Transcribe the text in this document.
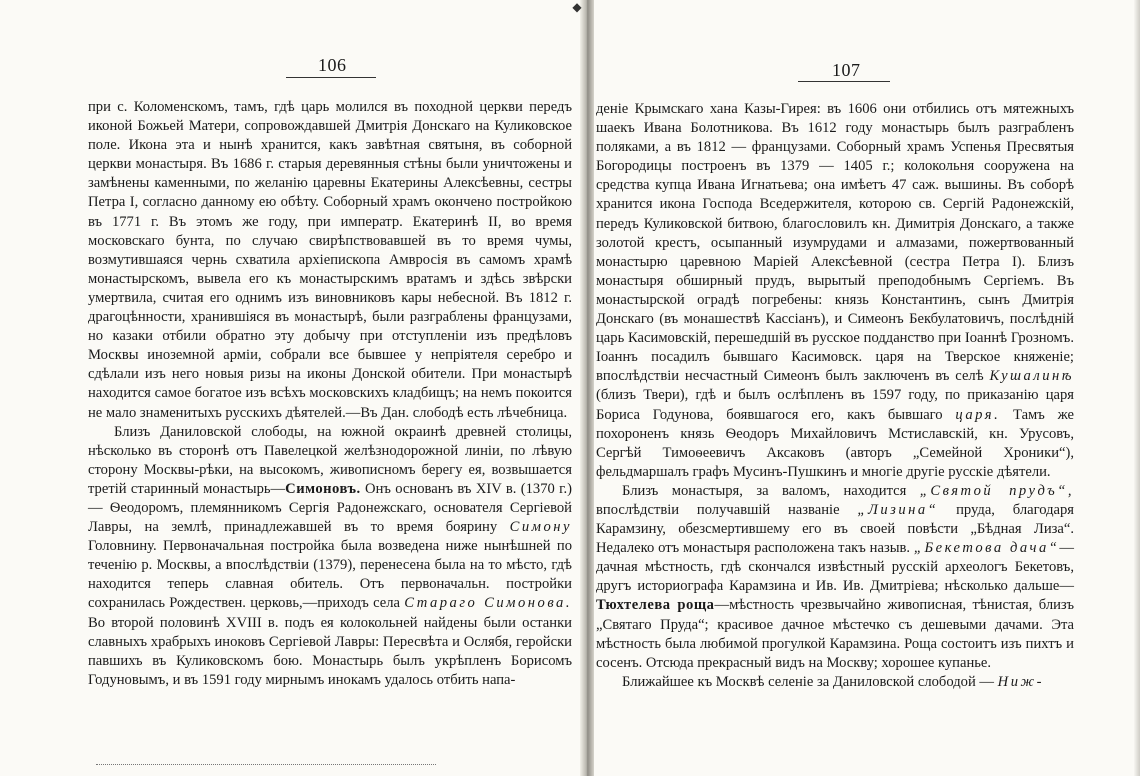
106

при с. Коломенскомъ, тамъ, гдѣ царь молился въ походной церкви передъ иконой Божьей Матери, сопровождавшей Дмитрія Донскаго на Куликовское поле. Икона эта и нынѣ хранится, какъ завѣтная святыня, въ соборной церкви монастыря. Въ 1686 г. старыя деревянныя стѣны были уничтожены и замѣнены каменными, по желанію царевны Екатерины Алексѣевны, сестры Петра I, согласно данному ею обѣту. Соборный храмъ окончено постройкою въ 1771 г. Въ этомъ же году, при императр. Екатеринѣ II, во время московскаго бунта, по случаю свирѣпствовавшей въ то время чумы, возмутившаяся чернь схватила архіепископа Амвросія въ самомъ храмѣ монастырскомъ, вывела его къ монастырскимъ вратамъ и здѣсь звѣрски умертвила, считая его однимъ изъ виновниковъ кары небесной. Въ 1812 г. драгоцѣнности, хранившіяся въ монастырѣ, были разграблены французами, но казаки отбили обратно эту добычу при отступленіи изъ предѣловъ Москвы иноземной арміи, собрали все бывшее у непріятеля серебро и сдѣлали изъ него новыя ризы на иконы Донской обители. При монастырѣ находится самое богатое изъ всѣхъ московскихъ кладбищъ; на немъ покоится не мало знаменитыхъ русскихъ дѣятелей.—Въ Дан. слободѣ есть лѣчебница.

Близъ Даниловской слободы, на южной окраинѣ древней столицы, нѣсколько въ сторонѣ отъ Павелецкой желѣзнодорожной линіи, по лѣвую сторону Москвы-рѣки, на высокомъ, живописномъ берегу ея, возвышается третій старинный монастырь—Симоновъ. Онъ основанъ въ XIV в. (1370 г.) — Ѳеодоромъ, племянникомъ Сергія Радонежскаго, основателя Сергіевой Лавры, на землѣ, принадлежавшей въ то время боярину Симону Головнину. Первоначальная постройка была возведена ниже нынѣшней по теченію р. Москвы, а впослѣдствіи (1379), перенесена была на то мѣсто, гдѣ находится теперь славная обитель. Отъ первоначальн. постройки сохранилась Рождествен. церковь,—приходъ села Стараго Симонова. Во второй половинѣ XVIII в. подъ ея колокольней найдены были останки славныхъ храбрыхъ иноковъ Сергіевой Лавры: Пересвѣта и Ослябя, геройски павшихъ въ Куликовскомъ бою. Монастырь былъ укрѣпленъ Борисомъ Годуновымъ, и въ 1591 году мирнымъ инокамъ удалось отбить напа-

◆
107

деніе Крымскаго хана Казы-Гирея: въ 1606 они отбились отъ мятежныхъ шаекъ Ивана Болотникова. Въ 1612 году монастырь былъ разграбленъ поляками, а въ 1812 — французами. Соборный храмъ Успенья Пресвятыя Богородицы построенъ въ 1379 — 1405 г.; колокольня сооружена на средства купца Ивана Игнатьева; она имѣетъ 47 саж. вышины. Въ соборѣ хранится икона Господа Вседержителя, которою св. Сергій Радонежскій, передъ Куликовской битвою, благословилъ кн. Димитрія Донскаго, а также золотой крестъ, осыпанный изумрудами и алмазами, пожертвованный монастырю царевною Маріей Алексѣевной (сестра Петра I). Близъ монастыря обширный прудъ, вырытый преподобнымъ Сергіемъ. Въ монастырской оградѣ погребены: князь Константинъ, сынъ Дмитрія Донскаго (въ монашествѣ Кассіанъ), и Симеонъ Бекбулатовичъ, послѣдній царь Касимовскій, перешедшій въ русское подданство при Іоаннѣ Грозномъ. Іоаннъ посадилъ бывшаго Касимовск. царя на Тверское княженіе; впослѣдствіи несчастный Симеонъ былъ заключенъ въ селѣ Кушалинѣ (близъ Твери), гдѣ и былъ ослѣпленъ въ 1597 году, по приказанію царя Бориса Годунова, боявшагося его, какъ бывшаго царя. Тамъ же похороненъ князь Ѳеодоръ Михайловичъ Мстиславскій, кн. Урусовъ, Сергѣй Тимоѳеевичъ Аксаковъ (авторъ „Семейной Хроники“), фельдмаршалъ графъ Мусинъ-Пушкинъ и многіе другіе русскіе дѣятели.

Близъ монастыря, за валомъ, находится „Святой прудъ“, впослѣдствіи получавшій названіе „Лизина“ пруда, благодаря Карамзину, обезсмертившему его въ своей повѣсти „Бѣдная Лиза“. Недалеко отъ монастыря расположена такъ назыв. „Бекетова дача“—дачная мѣстность, гдѣ скончался извѣстный русскій археологъ Бекетовъ, другъ историографа Карамзина и Ив. Ив. Дмитріева; нѣсколько дальше—Тюхтелева роща—мѣстность чрезвычайно живописная, тѣнистая, близъ „Святаго Пруда“; красивое дачное мѣстечко съ дешевыми дачами. Эта мѣстность была любимой прогулкой Карамзина. Роща состоитъ изъ пихтъ и сосенъ. Отсюда прекрасный видъ на Москву; хорошее купанье.

Ближайшее къ Москвѣ селеніе за Даниловской слободой — Ниж-
